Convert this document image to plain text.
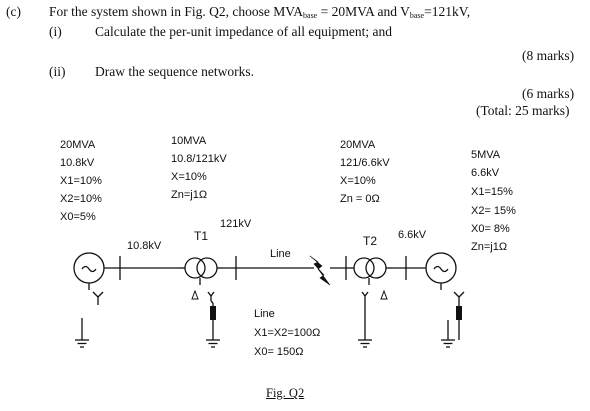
(c) For the system shown in Fig. Q2, choose MVAbase = 20MVA and Vbase=121kV,
(i) Calculate the per-unit impedance of all equipment; and
(8 marks)
(ii) Draw the sequence networks.
(6 marks)
(Total: 25 marks)
20MVA
10.8kV
X1=10%
X2=10%
X0=5%
10MVA
10.8/121kV
X=10%
Zn=j1Ω
20MVA
121/6.6kV
X=10%
Zn = 0Ω
5MVA
6.6kV
X1=15%
X2= 15%
X0= 8%
Zn=j1Ω
10.8kV
T1
121kV
Line
T2 6.6kV
Line
X1=X2=100Ω
X0= 150Ω
Fig. Q2
